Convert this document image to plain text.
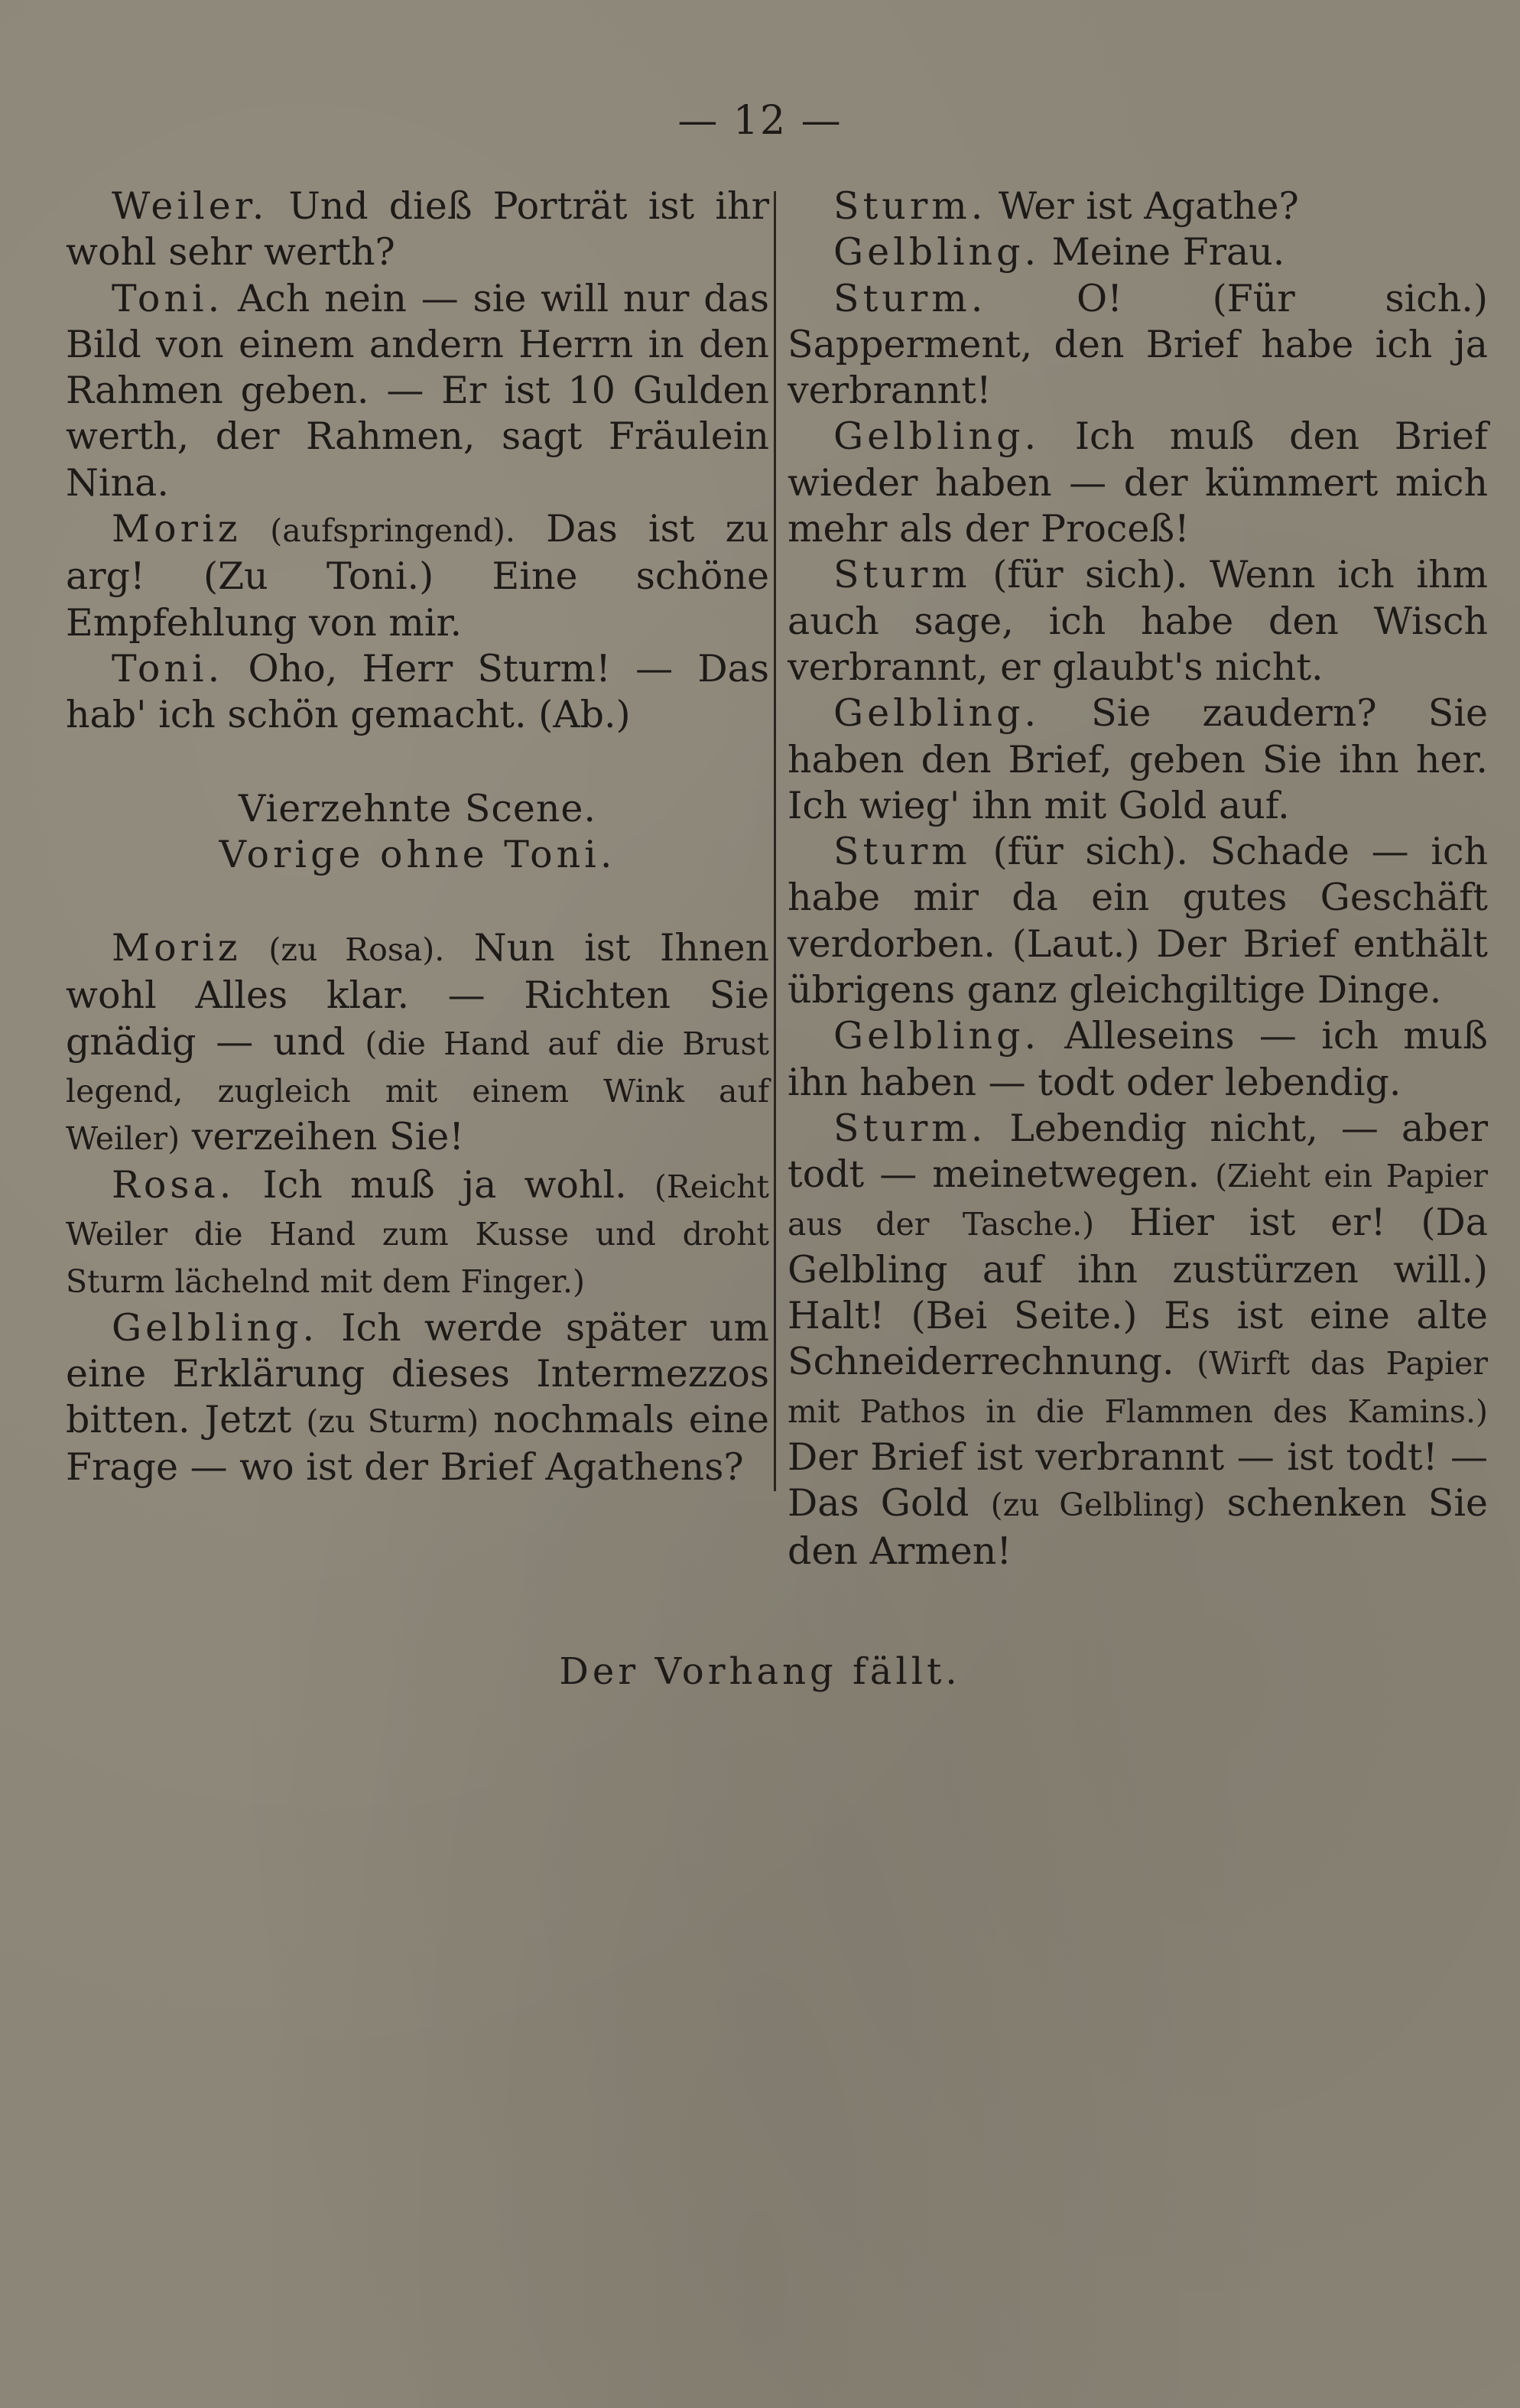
— 12 —

Weiler. Und dieß Porträt ist ihr wohl sehr werth?

Toni. Ach nein — sie will nur das Bild von einem andern Herrn in den Rahmen geben. — Er ist 10 Gulden werth, der Rahmen, sagt Fräulein Nina.

Moriz (aufspringend). Das ist zu arg! (Zu Toni.) Eine schöne Empfehlung von mir.

Toni. Oho, Herr Sturm! — Das hab' ich schön gemacht. (Ab.)

Vierzehnte Scene.

Vorige ohne Toni.

Moriz (zu Rosa). Nun ist Ihnen wohl Alles klar. — Richten Sie gnädig — und (die Hand auf die Brust legend, zugleich mit einem Wink auf Weiler) verzeihen Sie!

Rosa. Ich muß ja wohl. (Reicht Weiler die Hand zum Kusse und droht Sturm lächelnd mit dem Finger.)

Gelbling. Ich werde später um eine Erklärung dieses Intermezzos bitten. Jetzt (zu Sturm) nochmals eine Frage — wo ist der Brief Agathens?

Sturm. Wer ist Agathe?

Gelbling. Meine Frau.

Sturm. O! (Für sich.) Sapperment, den Brief habe ich ja verbrannt!

Gelbling. Ich muß den Brief wieder haben — der kümmert mich mehr als der Proceß!

Sturm (für sich). Wenn ich ihm auch sage, ich habe den Wisch verbrannt, er glaubt's nicht.

Gelbling. Sie zaudern? Sie haben den Brief, geben Sie ihn her. Ich wieg' ihn mit Gold auf.

Sturm (für sich). Schade — ich habe mir da ein gutes Geschäft verdorben. (Laut.) Der Brief enthält übrigens ganz gleichgiltige Dinge.

Gelbling. Alleseins — ich muß ihn haben — todt oder lebendig.

Sturm. Lebendig nicht, — aber todt — meinetwegen. (Zieht ein Papier aus der Tasche.) Hier ist er! (Da Gelbling auf ihn zustürzen will.) Halt! (Bei Seite.) Es ist eine alte Schneiderrechnung. (Wirft das Papier mit Pathos in die Flammen des Kamins.) Der Brief ist verbrannt — ist todt! — Das Gold (zu Gelbling) schenken Sie den Armen!

Der Vorhang fällt.
